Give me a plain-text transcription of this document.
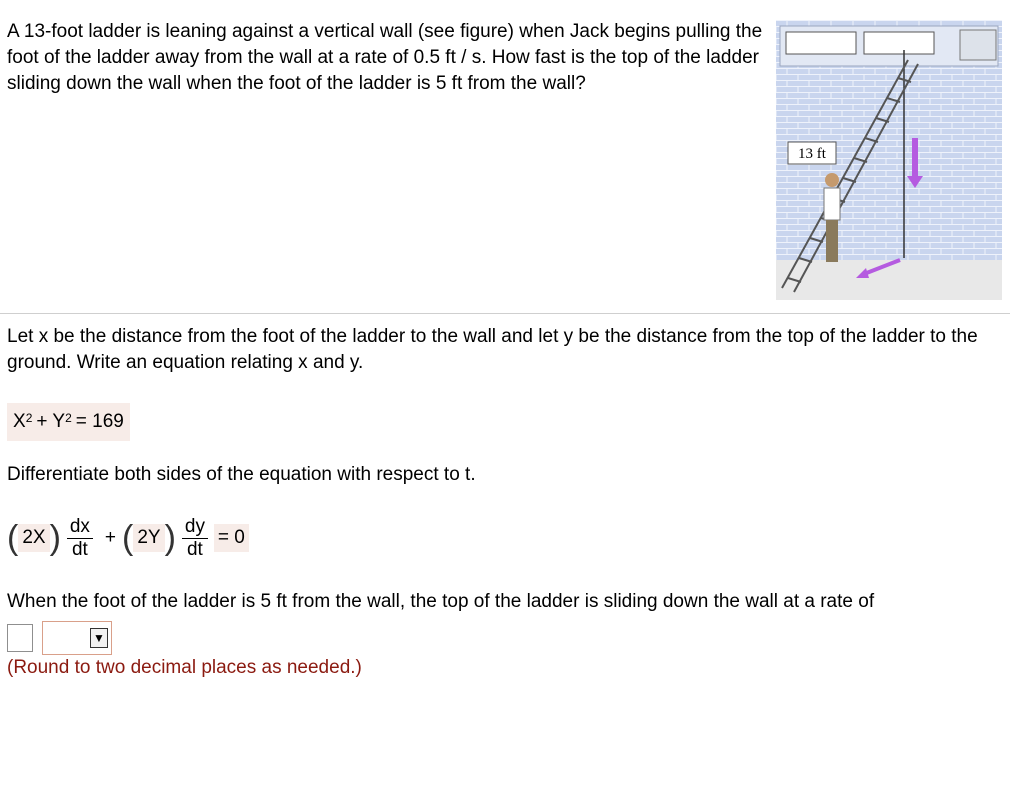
A 13-foot ladder is leaning against a vertical wall (see figure) when Jack begins pulling the foot of the ladder away from the wall at a rate of 0.5 ft / s. How fast is the top of the ladder sliding down the wall when the foot of the ladder is 5 ft from the wall?

13 ft

Let x be the distance from the foot of the ladder to the wall and let y be the distance from the top of the ladder to the ground. Write an equation relating x and y.

$X^2 + Y^2 = 169$

Differentiate both sides of the equation with respect to t.

( 2X ) $\frac{dx}{dt}$ + ( 2Y ) $\frac{dy}{dt} = 0$

When the foot of the ladder is 5 ft from the wall, the top of the ladder is sliding down the wall at a rate of

▼

(Round to two decimal places as needed.)
